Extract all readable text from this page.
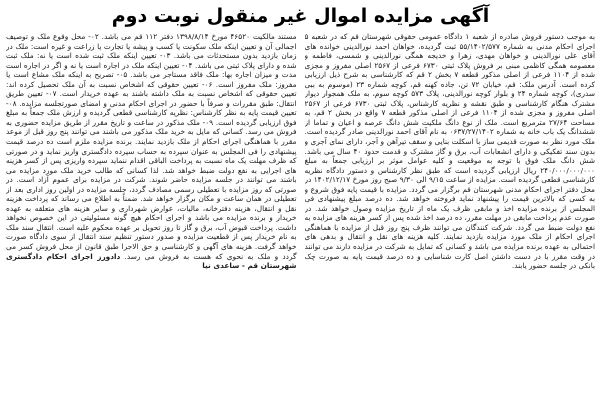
آگهی مزایده اموال غیر منقول نوبت دوم

به موجب دستور فروش صادره از شعبه ۱ دادگاه عمومی حقوقی شهرستان قم که در شعبه ۵ اجرای احکام مدنی به شماره ۵۵/۱۴۰۲/۵۷۷ ثبت گردیده، خواهان احمد نورالدینی خوانده های آقای علی نورالدینی و خواهان مهدی، زهرا و خدیجه همگی نورالدینی و شمسی، فاطمه و معصومه همگی کاظمی مبنی بر فروش پلاک ثبتی ۶۷۳۰ فرعی از ۲۵۶۷ اصلی مفروز و مجزی شده از ۱۱۰۴ فرعی از اصلی مذکور قطعه ۷ بخش ۲ قم که کارشناسی به شرح ذیل ارزیابی کرده است. آدرس ملک: قم، خیابان ۷۲ تن، جاده کهنه قم، کوچه شماره ۲۳ (موسوم به ببی سدری)، کوچه شماره ۲۴ و بلوار کوچه نورالدینی، پلاک ۵۷۳ کوچه سوم، به ملک همجوار دیوار مشترک هنگام کارشناسی و طبق نقشه و نظریه کارشناس، پلاک ثبتی ۶۷۳۰ فرعی از ۲۵۶۷ اصلی مفروز و مجزی شده از ۱۱۰۴ فرعی از اصلی مذکور قطعه ۷ واقع در بخش ۲ قم، به مساحت ۲۷/۶۴ مترمربع است. ملک از نوع دانگ ملکیت شش دانگ عرصه و اعیان و تماما از ششدانگ یک باب خانه به شماره ۰۶۳۷/۲۷/۱۴۰۲ به نام آقای احمد نورالدینی صادر گردیده است. ملک مورد نظر به صورت قدیمی ساز با اسکلت بنایی و سقف تیرآهن و آجر، دارای نمای آجری و بدون سند تفکیکی و دارای انشعابات آب، برق و گاز مشترک و قدمت حدود ۴۰ سال می باشد. شش دانگ ملک فوق با توجه به موقعیت و کلیه عوامل موثر بر ارزیابی جمعاً به مبلغ ۲۴۰/۰۰۰/۰۰۰/۰۰۰ ریال ارزیابی گردیده است که طبق نظر کارشناس و دستور دادگاه نظریه کارشناسی قطعی گردیده است. مزایده از ساعت ۹/۱۵ الی ۹/۳۰ صبح روز مورخ ۱۴۰۲/۱۲/۱۷ در محل دفتر اجرای احکام مدنی شهرستان قم برگزار می گردد. مزایده با قیمت پایه فوق شروع و به کسی که بالاترین قیمت را پیشنهاد نماید فروخته خواهد شد. ده درصد مبلغ پیشنهادی فی المجلس از برنده مزایده اخذ و مابقی ظرف یک ماه از تاریخ مزایده وصول خواهد شد. در صورت عدم پرداخت مابقی در مهلت مقرر، ده درصد اخذ شده پس از کسر هزینه های مزایده به نفع دولت ضبط می گردد. شرکت کنندگان می توانند ظرف پنج روز قبل از مزایده با هماهنگی اجرای احکام از ملک مورد مزایده بازدید نمایند. کلیه هزینه های نقل و انتقال و بدهی های احتمالی به عهده برنده مزایده می باشد و کسانی که تمایل به شرکت در مزایده دارند می توانند در وقت مقرر با در دست داشتن اصل کارت شناسایی و ده درصد قیمت پایه به صورت چک بانکی در جلسه حضور یابند.

مستند مالکیت ۴۶۵۲۰ مورخ ۱۳۹۸/۸/۱۴ دفتر ۱۱۲ قم می باشد. ۰۲- محل وقوع ملک و توصیف اجمالی آن و تعیین اینکه ملک سکونت یا کسب و پیشه یا تجارت یا زراعت و غیره است: ملک در زمان بازدید بدون مستحدثات می باشد. ۰۳- تعیین اینکه ملک ثبت شده است یا نه: ملک ثبت شده و دارای پلاک ثبتی می باشد. ۰۴- تعیین اینکه ملک در اجاره است یا نه و اگر در اجاره است مدت و میزان اجاره بها: ملک فاقد مستاجر می باشد. ۰۵- تصریح به اینکه ملک مشاع است یا مفروز: ملک مفروز است. ۰۶- تعیین حقوقی که اشخاص نسبت به آن ملک تحصیل کرده اند: تعیین حقوقی که اشخاص نسبت به ملک داشته باشند به عهده خریدار است. ۰۷- تعیین طریق انتقال: طبق مقررات و صرفاً با حضور در اجرای احکام مدنی و امضای صورتجلسه مزایده. ۰۸- تعیین قیمت پایه به نظر کارشناس: نظریه کارشناسی قطعی گردیده و ارزش ملک جمعاً به مبلغ فوق ارزیابی گردیده است. ۰۹- ملک مذکور در ساعت و تاریخ مقرر از طریق مزایده حضوری به فروش می رسد. کسانی که مایل به خرید ملک مذکور می باشند می توانند پنج روز قبل از موعد مقرر با هماهنگی اجرای احکام از ملک بازدید نمایند. برنده مزایده ملزم است ده درصد قیمت پیشنهادی را فی المجلس به عنوان سپرده به حساب سپرده دادگستری واریز نماید و در صورتی که ظرف مهلت یک ماه نسبت به پرداخت الباقی اقدام ننماید سپرده واریزی پس از کسر هزینه های اجرایی به نفع دولت ضبط خواهد شد. لذا کسانی که طالب خرید ملک مورد مزایده می باشند می توانند در جلسه مزایده حاضر شوند. شرکت در مزایده برای عموم آزاد است. در صورتی که روز مزایده با تعطیلی رسمی مصادف گردد، جلسه مزایده در اولین روز اداری بعد از تعطیلی در همان ساعت و مکان برگزار خواهد شد. ضمناً به اطلاع می رساند که پرداخت هزینه نقل و انتقال، هزینه دفترخانه، مالیات، عوارض شهرداری و سایر هزینه های متعلقه به عهده خریدار و برنده مزایده می باشد و اجرای احکام هیچ گونه مسئولیتی در این خصوص نخواهد داشت. پرداخت قبوض آب، برق و گاز تا روز تحویل بر عهده محکوم علیه است. انتقال سند ملک به نام خریدار پس از قطعیت مزایده و صدور دستور تنظیم سند انتقال از سوی دادگاه صورت خواهد گرفت. هزینه های آگهی و کارشناسی و حق الاجرا طبق قانون از محل فروش کسر می گردد و ملک به نحوی که هست به فروش می رسد. دادورز اجرای احکام دادگستری شهرستان قم - ساعدی نیا
